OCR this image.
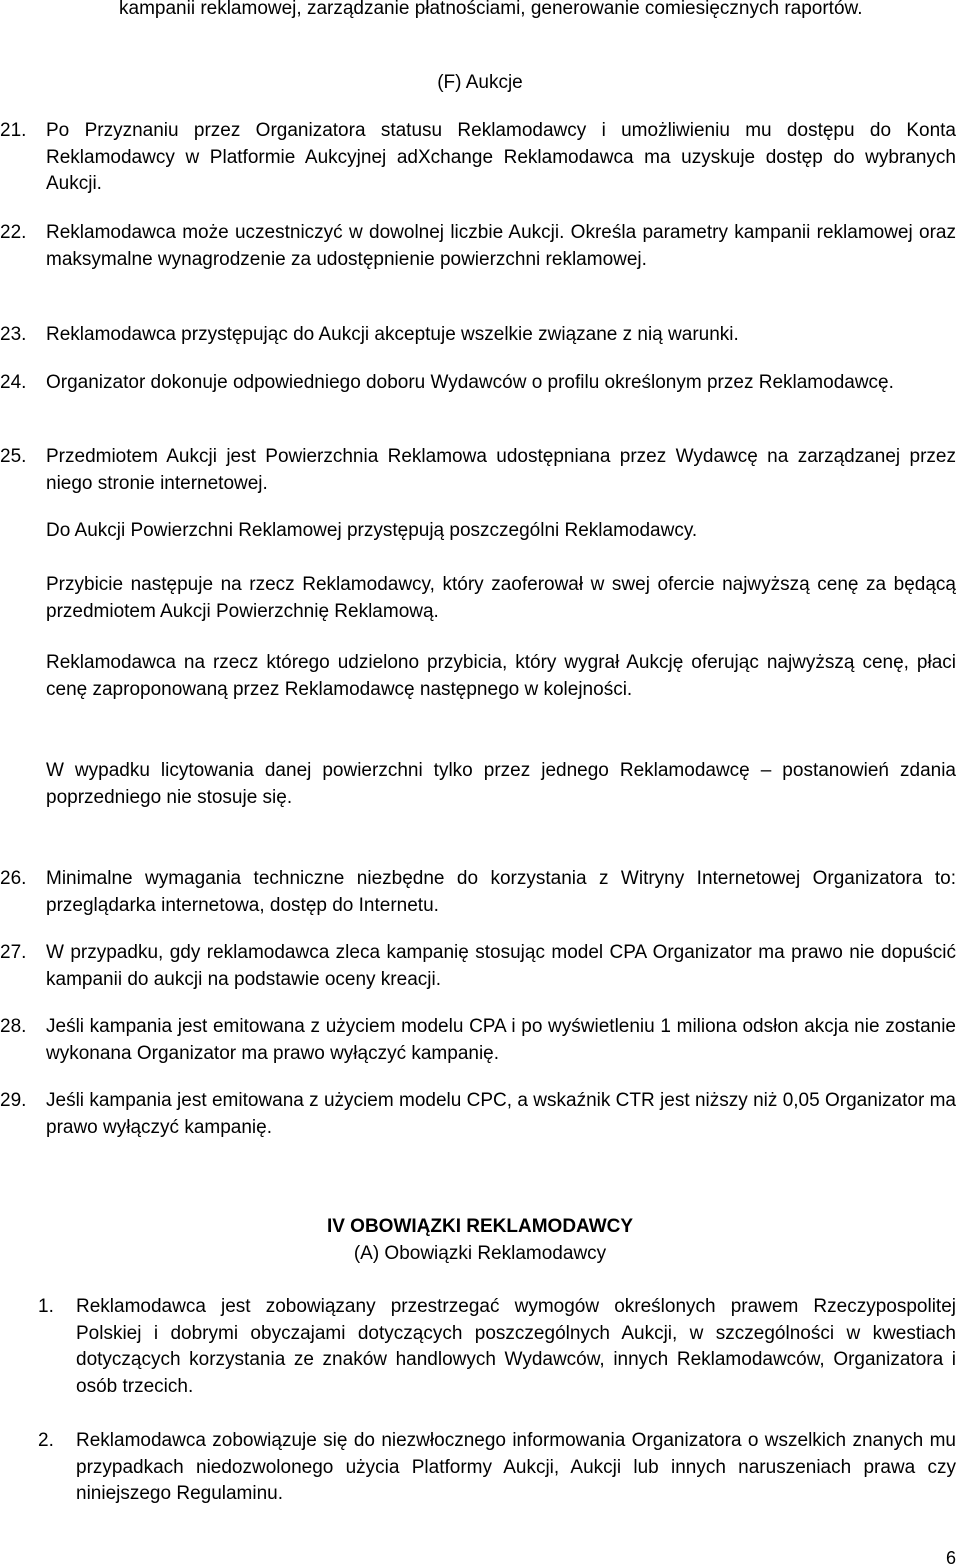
kampanii reklamowej, zarządzanie płatnościami, generowanie comiesięcznych raportów.

(F) Aukcje
21. Po Przyznaniu przez Organizatora statusu Reklamodawcy i umożliwieniu mu dostępu do Konta Reklamodawcy w Platformie Aukcyjnej adXchange Reklamodawca ma uzyskuje dostęp do wybranych Aukcji.
22. Reklamodawca może uczestniczyć w dowolnej liczbie Aukcji. Określa parametry kampanii reklamowej oraz maksymalne wynagrodzenie za udostępnienie powierzchni reklamowej.
23. Reklamodawca przystępując do Aukcji akceptuje wszelkie związane z nią warunki.
24. Organizator dokonuje odpowiedniego doboru Wydawców o profilu określonym przez Reklamodawcę.
25. Przedmiotem Aukcji jest Powierzchnia Reklamowa udostępniana przez Wydawcę na zarządzanej przez niego stronie internetowej.

Do Aukcji Powierzchni Reklamowej przystępują poszczególni Reklamodawcy.

Przybicie następuje na rzecz Reklamodawcy, który zaoferował w swej ofercie najwyższą cenę za będącą przedmiotem Aukcji Powierzchnię Reklamową.

Reklamodawca na rzecz którego udzielono przybicia, który wygrał Aukcję oferując najwyższą cenę, płaci cenę zaproponowaną przez Reklamodawcę następnego w kolejności.

W wypadku licytowania danej powierzchni tylko przez jednego Reklamodawcę – postanowień zdania poprzedniego nie stosuje się.

26. Minimalne wymagania techniczne niezbędne do korzystania z Witryny Internetowej Organizatora to: przeglądarka internetowa, dostęp do Internetu.
27. W przypadku, gdy reklamodawca zleca kampanię stosując model CPA Organizator ma prawo nie dopuścić kampanii do aukcji na podstawie oceny kreacji.
28. Jeśli kampania jest emitowana z użyciem modelu CPA i po wyświetleniu 1 miliona odsłon akcja nie zostanie wykonana Organizator ma prawo wyłączyć kampanię.
29. Jeśli kampania jest emitowana z użyciem modelu CPC, a wskaźnik CTR jest niższy niż 0,05 Organizator ma prawo wyłączyć kampanię.
IV OBOWIĄZKI REKLAMODAWCY
(A) Obowiązki Reklamodawcy
1. Reklamodawca jest zobowiązany przestrzegać wymogów określonych prawem Rzeczypospolitej Polskiej i dobrymi obyczajami dotyczących poszczególnych Aukcji, w szczególności w kwestiach dotyczących korzystania ze znaków handlowych Wydawców, innych Reklamodawców, Organizatora i osób trzecich.
2. Reklamodawca zobowiązuje się do niezwłocznego informowania Organizatora o wszelkich znanych mu przypadkach niedozwolonego użycia Platformy Aukcji, Aukcji lub innych naruszeniach prawa czy niniejszego Regulaminu.
6
